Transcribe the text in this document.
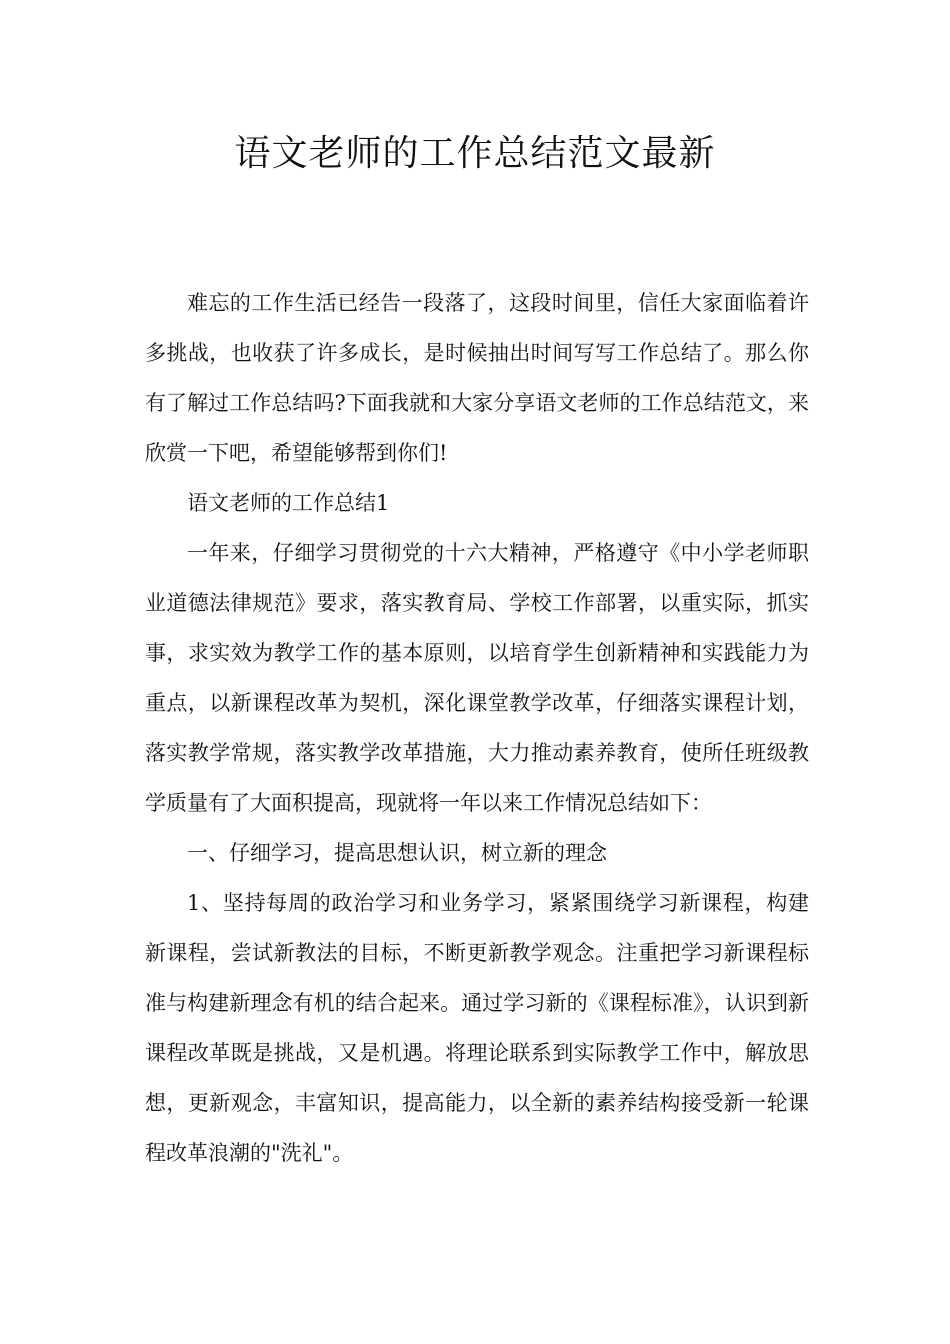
语文老师的工作总结范文最新

难忘的工作生活已经告一段落了，这段时间里，信任大家面临着许多挑战，也收获了许多成长，是时候抽出时间写写工作总结了。那么你有了解过工作总结吗?下面我就和大家分享语文老师的工作总结范文，来欣赏一下吧，希望能够帮到你们!

语文老师的工作总结1

一年来，仔细学习贯彻党的十六大精神，严格遵守《中小学老师职业道德法律规范》要求，落实教育局、学校工作部署，以重实际，抓实事，求实效为教学工作的基本原则，以培育学生创新精神和实践能力为重点，以新课程改革为契机，深化课堂教学改革，仔细落实课程计划，落实教学常规，落实教学改革措施，大力推动素养教育，使所任班级教学质量有了大面积提高，现就将一年以来工作情况总结如下：

一、仔细学习，提高思想认识，树立新的理念

1、坚持每周的政治学习和业务学习，紧紧围绕学习新课程，构建新课程，尝试新教法的目标，不断更新教学观念。注重把学习新课程标准与构建新理念有机的结合起来。通过学习新的《课程标准》，认识到新课程改革既是挑战，又是机遇。将理论联系到实际教学工作中，解放思想，更新观念，丰富知识，提高能力，以全新的素养结构接受新一轮课程改革浪潮的"洗礼"。
